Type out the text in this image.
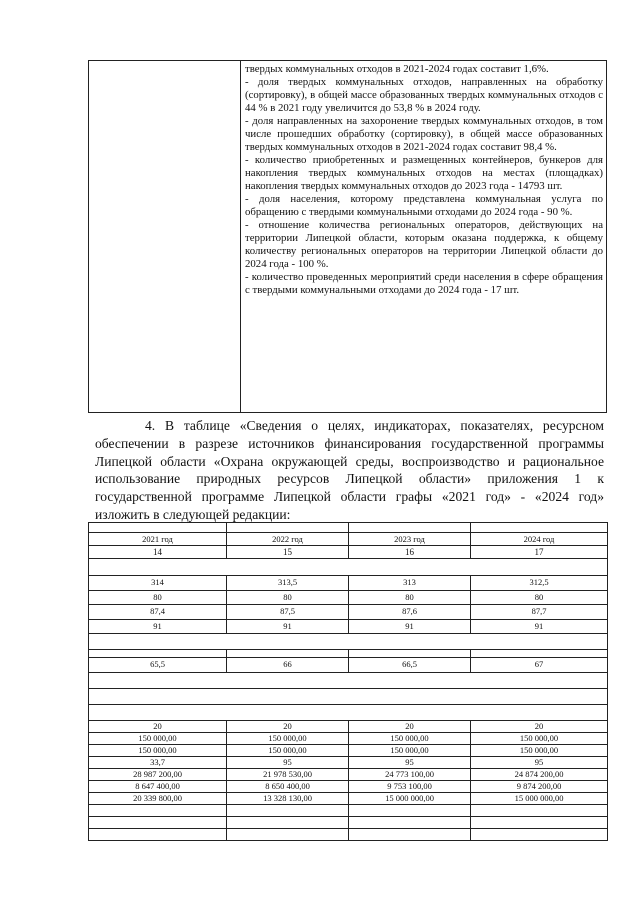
твердых коммунальных отходов в 2021-2024 годах составит 1,6%.

- доля твердых коммунальных отходов, направленных на обработку (сортировку), в общей массе образованных твердых коммунальных отходов с 44 % в 2021 году увеличится до 53,8 % в 2024 году.

- доля направленных на захоронение твердых коммунальных отходов, в том числе прошедших обработку (сортировку), в общей массе образованных твердых коммунальных отходов в 2021-2024 годах составит 98,4 %.

- количество приобретенных и размещенных контейнеров, бункеров для накопления твердых коммунальных отходов на местах (площадках) накопления твердых коммунальных отходов до 2023 года - 14793 шт.

- доля населения, которому представлена коммунальная услуга по обращению с твердыми коммунальными отходами до 2024 года - 90 %.

- отношение количества региональных операторов, действующих на территории Липецкой области, которым оказана поддержка, к общему количеству региональных операторов на территории Липецкой области до 2024 года - 100 %.

- количество проведенных мероприятий среди населения в сфере обращения с твердыми коммунальными отходами до 2024 года - 17 шт.

4. В таблице «Сведения о целях, индикаторах, показателях, ресурсном обеспечении в разрезе источников финансирования государственной программы Липецкой области «Охрана окружающей среды, воспроизводство и рациональное использование природных ресурсов Липецкой области» приложения 1 к государственной программе Липецкой области графы «2021 год» - «2024 год» изложить в следующей редакции:

2021 год	2022 год	2023 год	2024 год
14	15	16	17

314	313,5	313	312,5
80	80	80	80
87,4	87,5	87,6	87,7
91	91	91	91

65,5	66	66,5	67

20	20	20	20
150 000,00	150 000,00	150 000,00	150 000,00
150 000,00	150 000,00	150 000,00	150 000,00
33,7	95	95	95
28 987 200,00	21 978 530,00	24 773 100,00	24 874 200,00
8 647 400,00	8 650 400,00	9 753 100,00	9 874 200,00
20 339 800,00	13 328 130,00	15 000 000,00	15 000 000,00
